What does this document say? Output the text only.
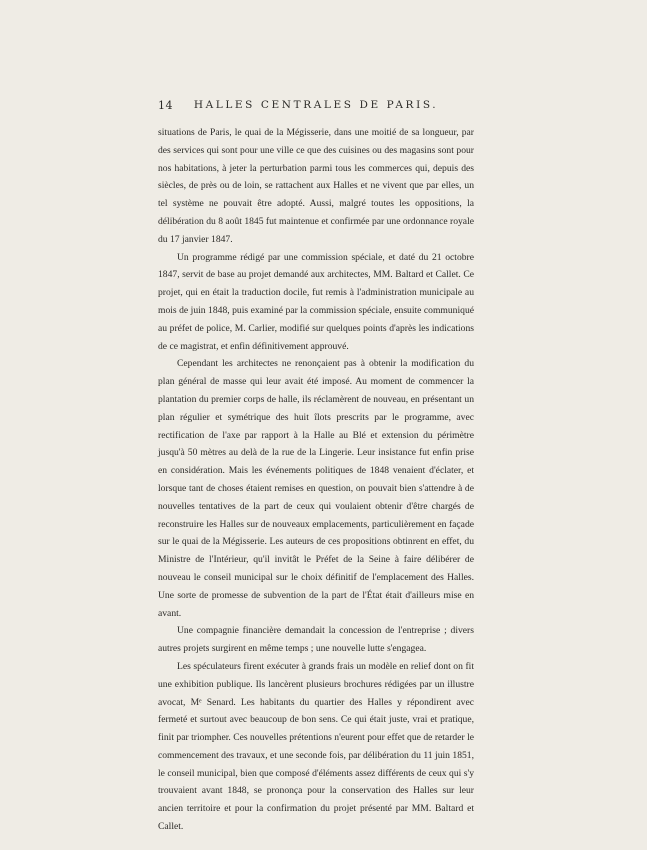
14	HALLES CENTRALES DE PARIS.

situations de Paris, le quai de la Mégisserie, dans une moitié de sa longueur, par des services qui sont pour une ville ce que des cuisines ou des magasins sont pour nos habitations, à jeter la perturbation parmi tous les commerces qui, depuis des siècles, de près ou de loin, se rattachent aux Halles et ne vivent que par elles, un tel système ne pouvait être adopté. Aussi, malgré toutes les oppositions, la délibération du 8 août 1845 fut maintenue et confirmée par une ordonnance royale du 17 janvier 1847.

Un programme rédigé par une commission spéciale, et daté du 21 octobre 1847, servit de base au projet demandé aux architectes, MM. Baltard et Callet. Ce projet, qui en était la traduction docile, fut remis à l'administration municipale au mois de juin 1848, puis examiné par la commission spéciale, ensuite communiqué au préfet de police, M. Carlier, modifié sur quelques points d'après les indications de ce magistrat, et enfin définitivement approuvé.

Cependant les architectes ne renonçaient pas à obtenir la modification du plan général de masse qui leur avait été imposé. Au moment de commencer la plantation du premier corps de halle, ils réclamèrent de nouveau, en présentant un plan régulier et symétrique des huit îlots prescrits par le programme, avec rectification de l'axe par rapport à la Halle au Blé et extension du périmètre jusqu'à 50 mètres au delà de la rue de la Lingerie. Leur insistance fut enfin prise en considération. Mais les événements politiques de 1848 venaient d'éclater, et lorsque tant de choses étaient remises en question, on pouvait bien s'attendre à de nouvelles tentatives de la part de ceux qui voulaient obtenir d'être chargés de reconstruire les Halles sur de nouveaux emplacements, particulièrement en façade sur le quai de la Mégisserie. Les auteurs de ces propositions obtinrent en effet, du Ministre de l'Intérieur, qu'il invitât le Préfet de la Seine à faire délibérer de nouveau le conseil municipal sur le choix définitif de l'emplacement des Halles. Une sorte de promesse de subvention de la part de l'État était d'ailleurs mise en avant.

Une compagnie financière demandait la concession de l'entreprise ; divers autres projets surgirent en même temps ; une nouvelle lutte s'engagea.

Les spéculateurs firent exécuter à grands frais un modèle en relief dont on fit une exhibition publique. Ils lancèrent plusieurs brochures rédigées par un illustre avocat, Mᵉ Senard. Les habitants du quartier des Halles y répondirent avec fermeté et surtout avec beaucoup de bon sens. Ce qui était juste, vrai et pratique, finit par triompher. Ces nouvelles prétentions n'eurent pour effet que de retarder le commencement des travaux, et une seconde fois, par délibération du 11 juin 1851, le conseil municipal, bien que composé d'éléments assez différents de ceux qui s'y trouvaient avant 1848, se prononça pour la conservation des Halles sur leur ancien territoire et pour la confirmation du projet présenté par MM. Baltard et Callet.
